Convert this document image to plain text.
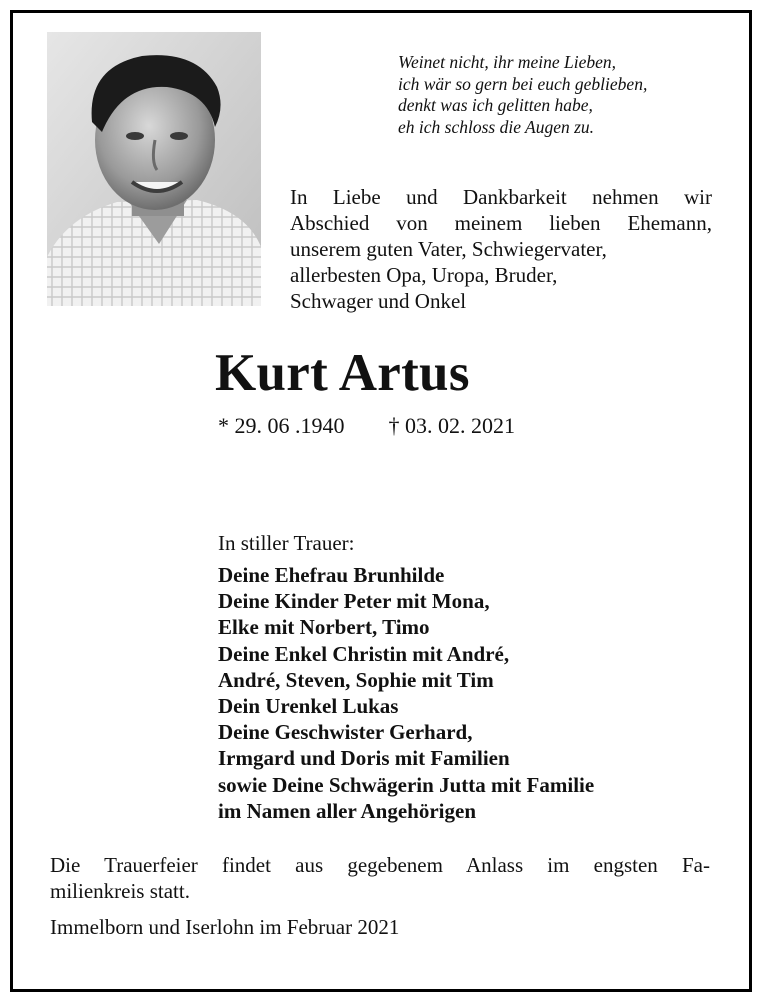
Weinet nicht, ihr meine Lieben,
ich wär so gern bei euch geblieben,
denkt was ich gelitten habe,
eh ich schloss die Augen zu.
In Liebe und Dankbarkeit nehmen wir
Abschied von meinem lieben Ehemann,
unserem guten Vater, Schwiegervater,
allerbesten Opa, Uropa, Bruder,
Schwager und Onkel
Kurt Artus
* 29. 06 .1940 † 03. 02. 2021
In stiller Trauer:
Deine Ehefrau Brunhilde
Deine Kinder Peter mit Mona,
Elke mit Norbert, Timo
Deine Enkel Christin mit André,
André, Steven, Sophie mit Tim
Dein Urenkel Lukas
Deine Geschwister Gerhard,
Irmgard und Doris mit Familien
sowie Deine Schwägerin Jutta mit Familie
im Namen aller Angehörigen
Die Trauerfeier findet aus gegebenem Anlass im engsten Fa-
milienkreis statt.
Immelborn und Iserlohn im Februar 2021
